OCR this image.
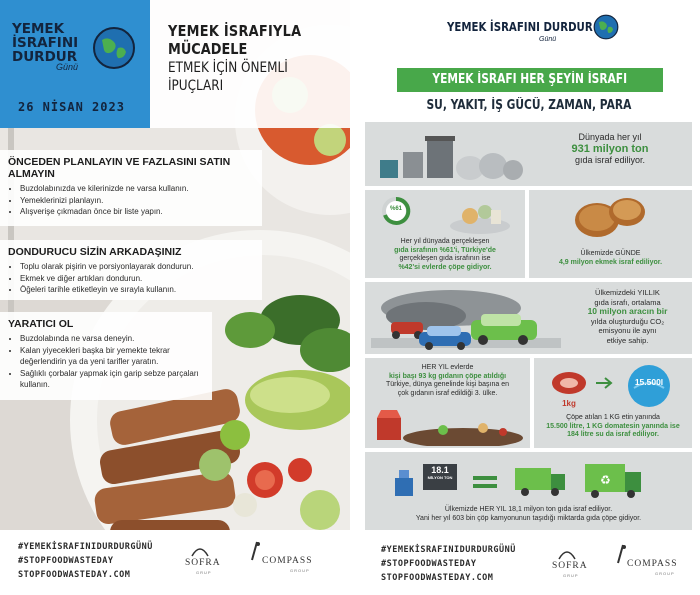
YEMEK
İSRAFINI
DURDUR
Günü
26 NİSAN 2023
YEMEK İSRAFIYLA
MÜCADELE
ETMEK İÇİN ÖNEMLİ
İPUÇLARI
ÖNCEDEN PLANLAYIN VE FAZLASINI SATIN ALMAYIN
• Buzdolabınızda ve kilerinizde ne varsa kullanın.
• Yemeklerinizi planlayın.
• Alışverişe çıkmadan önce bir liste yapın.
DONDURUCU SİZİN ARKADAŞINIZ
• Toplu olarak pişirin ve porsiyonlayarak dondurun.
• Ekmek ve diğer artıkları dondurun.
• Öğeleri tarihle etiketleyin ve sırayla kullanın.
YARATICI OL
• Buzdolabında ne varsa deneyin.
• Kalan yiyecekleri başka bir yemekte tekrar değerlendirin ya da yeni tarifler yaratın.
• Sağlıklı çorbalar yapmak için garip sebze parçaları kullanın.
#YEMEKİSRAFINIDURDURGÜNÜ
#STOPFOODWASTEDAY
STOPFOODWASTEDAY.COM
SOFRA
GRUP
COMPASS
GROUP
YEMEK İSRAFINI DURDUR
Günü
YEMEK İSRAFI HER ŞEYİN İSRAFI
SU, YAKIT, İŞ GÜCÜ, ZAMAN, PARA
Dünyada her yıl
931 milyon ton
gıda israf ediliyor.
%61
Her yıl dünyada gerçekleşen
gıda israfının %61'i, Türkiye'de
gerçekleşen gıda israfının ise
%42'si evlerde çöpe gidiyor.
Ülkemizde GÜNDE
4,9 milyon ekmek israf ediliyor.
Ülkemizdeki YILLIK
gıda israfı, ortalama
10 milyon aracın bir
yılda oluşturduğu CO₂
emisyonu ile aynı
etkiye sahip.
HER YIL evlerde
kişi başı 93 kg gıdanın çöpe atıldığı
Türkiye, dünya genelinde kişi başına en
çok gıdanın israf edildiği 3. ülke.
1kg
15.500l
Çöpe atılan 1 KG etin yanında
15.500 litre, 1 KG domatesin yanında ise
184 litre su da israf ediliyor.
♻
18.1
MİLYON TON
Ülkemizde HER YIL 18,1 milyon ton gıda israf ediliyor.
Yani her yıl 603 bin çöp kamyonunun taşıdığı miktarda gıda çöpe gidiyor.
#YEMEKİSRAFINIDURDURGÜNÜ
#STOPFOODWASTEDAY
STOPFOODWASTEDAY.COM
SOFRA
GRUP
COMPASS
GROUP
